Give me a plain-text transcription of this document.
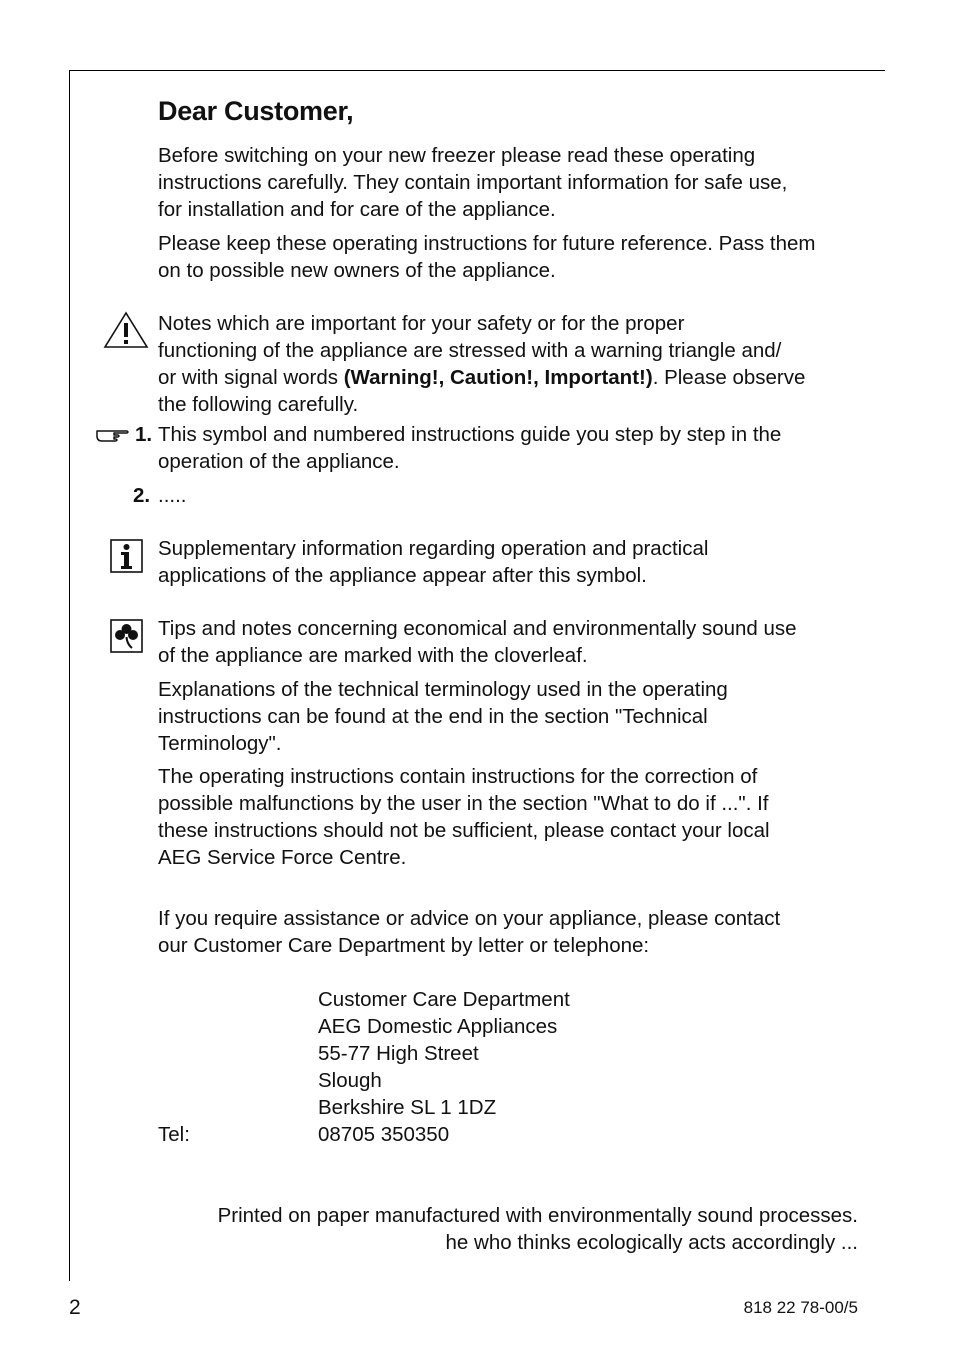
Dear Customer,

Before switching on your new freezer please read these operating
instructions carefully. They contain important information for safe use,
for installation and for care of the appliance.

Please keep these operating instructions for future reference. Pass them
on to possible new owners of the appliance.

Notes which are important for your safety or for the proper
functioning of the appliance are stressed with a warning triangle and/
or with signal words (Warning!, Caution!, Important!). Please observe
the following carefully.

1. This symbol and numbered instructions guide you step by step in the
operation of the appliance.

2. .....

Supplementary information regarding operation and practical
applications of the appliance appear after this symbol.

Tips and notes concerning economical and environmentally sound use
of the appliance are marked with the cloverleaf.

Explanations of the technical terminology used in the operating
instructions can be found at the end in the section "Technical
Terminology".

The operating instructions contain instructions for the correction of
possible malfunctions by the user in the section "What to do if ...". If
these instructions should not be sufficient, please contact your local
AEG Service Force Centre.

If you require assistance or advice on your appliance, please contact
our Customer Care Department by letter or telephone:

Customer Care Department
AEG Domestic Appliances
55-77 High Street
Slough
Berkshire SL 1 1DZ
Tel:	08705 350350
Printed on paper manufactured with environmentally sound processes.
he who thinks ecologically acts accordingly ...
2	818 22 78-00/5
